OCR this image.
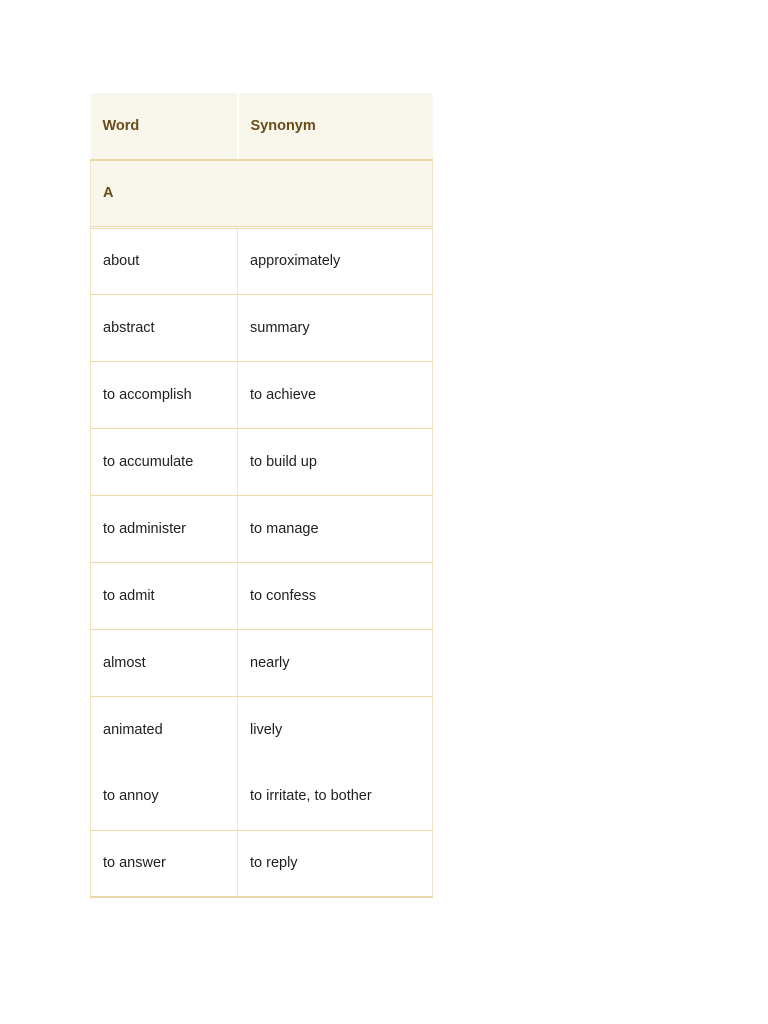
Word	Synonym
A	
about	approximately
abstract	summary
to accomplish	to achieve
to accumulate	to build up
to administer	to manage
to admit	to confess
almost	nearly
animated	lively
to annoy	to irritate, to bother
to answer	to reply
